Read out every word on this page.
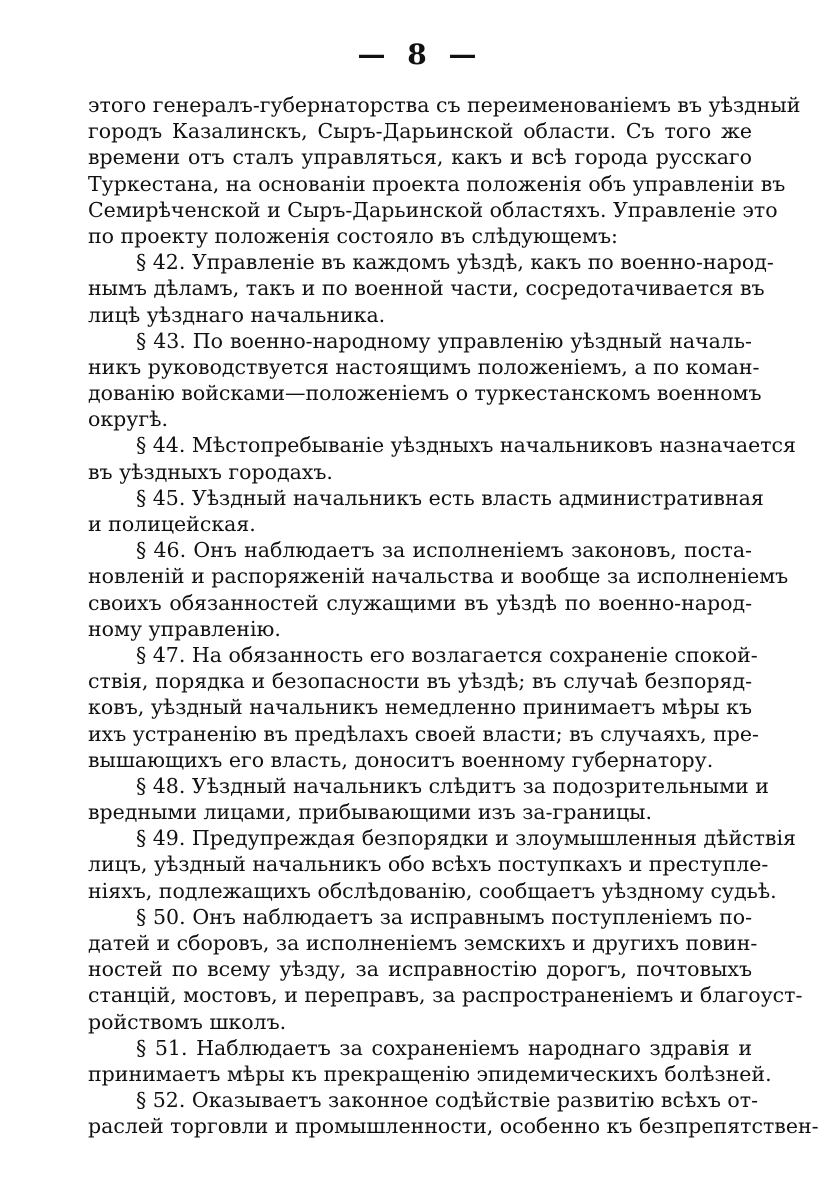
— 8 —
этого генералъ-губернаторства съ переименованіемъ въ уѣздный
городъ Казалинскъ, Сыръ-Дарьинской области. Съ того же
времени отъ сталъ управляться, какъ и всѣ города русскаго
Туркестана, на основаніи проекта положенія объ управленіи въ
Семирѣченской и Сыръ-Дарьинской областяхъ. Управленіе это
по проекту положенія состояло въ слѣдующемъ:
§ 42. Управленіе въ каждомъ уѣздѣ, какъ по военно-народ-
нымъ дѣламъ, такъ и по военной части, сосредотачивается въ
лицѣ уѣзднаго начальника.
§ 43. По военно-народному управленію уѣздный началь-
никъ руководствуется настоящимъ положеніемъ, а по коман-
дованію войсками—положеніемъ о туркестанскомъ военномъ
округѣ.
§ 44. Мѣстопребываніе уѣздныхъ начальниковъ назначается
въ уѣздныхъ городахъ.
§ 45. Уѣздный начальникъ есть власть административная
и полицейская.
§ 46. Онъ наблюдаетъ за исполненіемъ законовъ, поста-
новленій и распоряженій начальства и вообще за исполненіемъ
своихъ обязанностей служащими въ уѣздѣ по военно-народ-
ному управленію.
§ 47. На обязанность его возлагается сохраненіе спокой-
ствія, порядка и безопасности въ уѣздѣ; въ случаѣ безпоряд-
ковъ, уѣздный начальникъ немедленно принимаетъ мѣры къ
ихъ устраненію въ предѣлахъ своей власти; въ случаяхъ, пре-
вышающихъ его власть, доноситъ военному губернатору.
§ 48. Уѣздный начальникъ слѣдитъ за подозрительными и
вредными лицами, прибывающими изъ за-границы.
§ 49. Предупреждая безпорядки и злоумышленныя дѣйствія
лицъ, уѣздный начальникъ обо всѣхъ поступкахъ и преступле-
ніяхъ, подлежащихъ обслѣдованію, сообщаетъ уѣздному судьѣ.
§ 50. Онъ наблюдаетъ за исправнымъ поступленіемъ по-
датей и сборовъ, за исполненіемъ земскихъ и другихъ повин-
ностей по всему уѣзду, за исправностію дорогъ, почтовыхъ
станцій, мостовъ, и переправъ, за распространеніемъ и благоуст-
ройствомъ школъ.
§ 51. Наблюдаетъ за сохраненіемъ народнаго здравія и
принимаетъ мѣры къ прекращенію эпидемическихъ болѣзней.
§ 52. Оказываетъ законное содѣйствіе развитію всѣхъ от-
раслей торговли и промышленности, особенно къ безпрепятствен-
